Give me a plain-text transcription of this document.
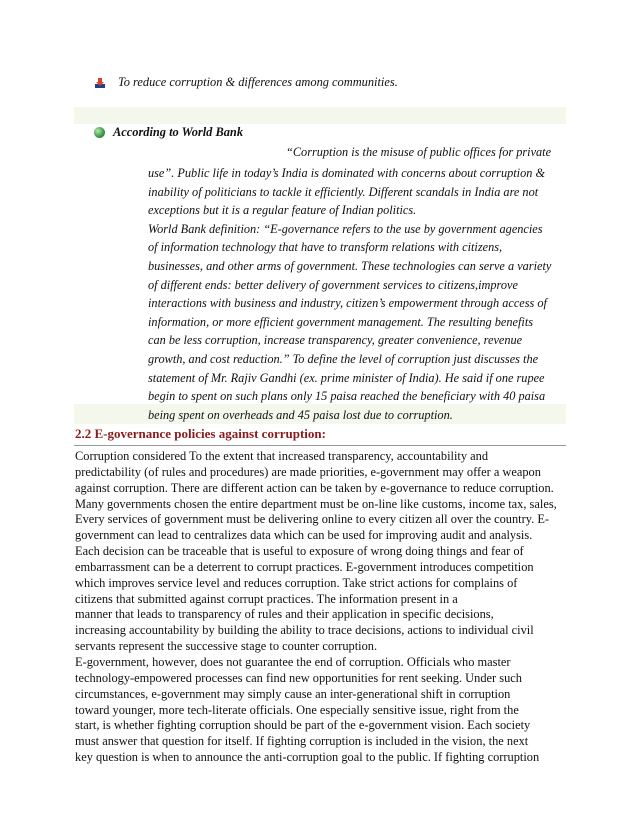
To reduce corruption & differences among communities.
According to World Bank
“Corruption is the misuse of public offices for private
use”. Public life in today’s India is dominated with concerns about corruption &
inability of politicians to tackle it efficiently. Different scandals in India are not
exceptions but it is a regular feature of Indian politics.
World Bank definition: “E-governance refers to the use by government agencies
of information technology that have to transform relations with citizens,
businesses, and other arms of government. These technologies can serve a variety
of different ends: better delivery of government services to citizens,improve
interactions with business and industry, citizen’s empowerment through access of
information, or more efficient government management. The resulting benefits
can be less corruption, increase transparency, greater convenience, revenue
growth, and cost reduction.” To define the level of corruption just discusses the
statement of Mr. Rajiv Gandhi (ex. prime minister of India). He said if one rupee
begin to spent on such plans only 15 paisa reached the beneficiary with 40 paisa
being spent on overheads and 45 paisa lost due to corruption.
2.2 E-governance policies against corruption:
Corruption considered To the extent that increased transparency, accountability and
predictability (of rules and procedures) are made priorities, e-government may offer a weapon
against corruption. There are different action can be taken by e-governance to reduce corruption.
Many governments chosen the entire department must be on-line like customs, income tax, sales,
Every services of government must be delivering online to every citizen all over the country. E-
government can lead to centralizes data which can be used for improving audit and analysis.
Each decision can be traceable that is useful to exposure of wrong doing things and fear of
embarrassment can be a deterrent to corrupt practices. E-government introduces competition
which improves service level and reduces corruption. Take strict actions for complains of
citizens that submitted against corrupt practices. The information present in a
manner that leads to transparency of rules and their application in specific decisions,
increasing accountability by building the ability to trace decisions, actions to individual civil
servants represent the successive stage to counter corruption.
E-government, however, does not guarantee the end of corruption. Officials who master
technology-empowered processes can find new opportunities for rent seeking. Under such
circumstances, e-government may simply cause an inter-generational shift in corruption
toward younger, more tech-literate officials. One especially sensitive issue, right from the
start, is whether fighting corruption should be part of the e-government vision. Each society
must answer that question for itself. If fighting corruption is included in the vision, the next
key question is when to announce the anti-corruption goal to the public. If fighting corruption
